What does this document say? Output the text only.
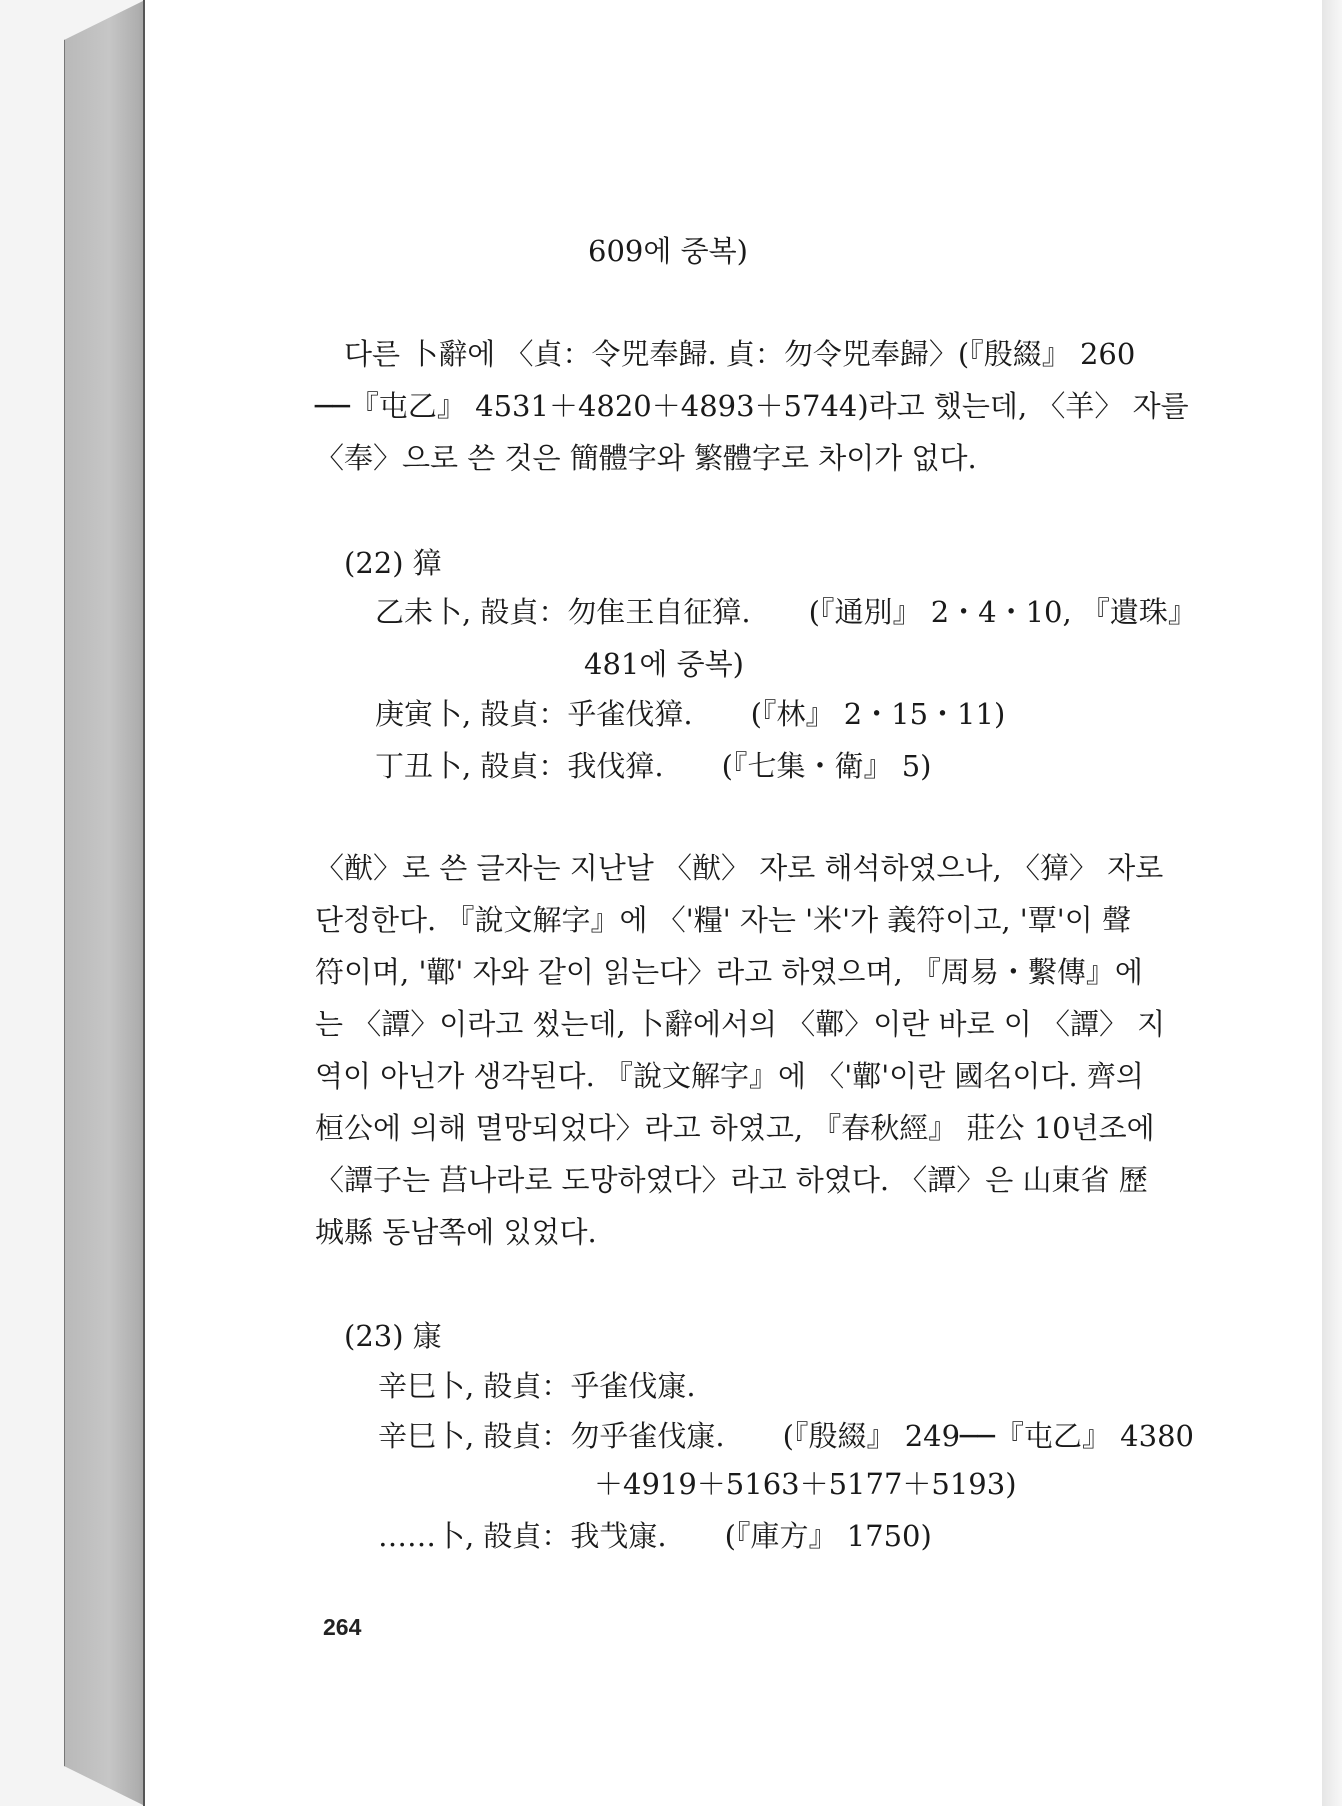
609에 중복)
다른 卜辭에 〈貞：令兕奉歸. 貞：勿令兕奉歸〉(『殷綴』 260
──『屯乙』 4531＋4820＋4893＋5744)라고 했는데, 〈羊〉 자를
〈奉〉으로 쓴 것은 簡體字와 繁體字로 차이가 없다.
(22) 獐
乙未卜, 㱿貞：勿隹王自征獐.　　(『通別』 2・4・10, 『遺珠』
481에 중복)
庚寅卜, 㱿貞：乎雀伐獐.　　(『林』 2・15・11)
丁丑卜, 㱿貞：我伐獐.　　(『七集・衛』 5)
〈猷〉로 쓴 글자는 지난날 〈猷〉 자로 해석하였으나, 〈獐〉 자로
단정한다. 『說文解字』에 〈'糧' 자는 '米'가 義符이고, '覃'이 聲
符이며, '鄿' 자와 같이 읽는다〉라고 하였으며, 『周易・繫傳』에
는 〈譚〉이라고 썼는데, 卜辭에서의 〈鄿〉이란 바로 이 〈譚〉 지
역이 아닌가 생각된다. 『說文解字』에 〈'鄿'이란 國名이다. 齊의
桓公에 의해 멸망되었다〉라고 하였고, 『春秋經』 莊公 10년조에
〈譚子는 莒나라로 도망하였다〉라고 하였다. 〈譚〉은 山東省 歷
城縣 동남쪽에 있었다.
(23) 㝩
辛巳卜, 㱿貞：乎雀伐㝩.
辛巳卜, 㱿貞：勿乎雀伐㝩.　　(『殷綴』 249──『屯乙』 4380
＋4919＋5163＋5177＋5193)
……卜, 㱿貞：我𢦏㝩.　　(『庫方』 1750)
264
